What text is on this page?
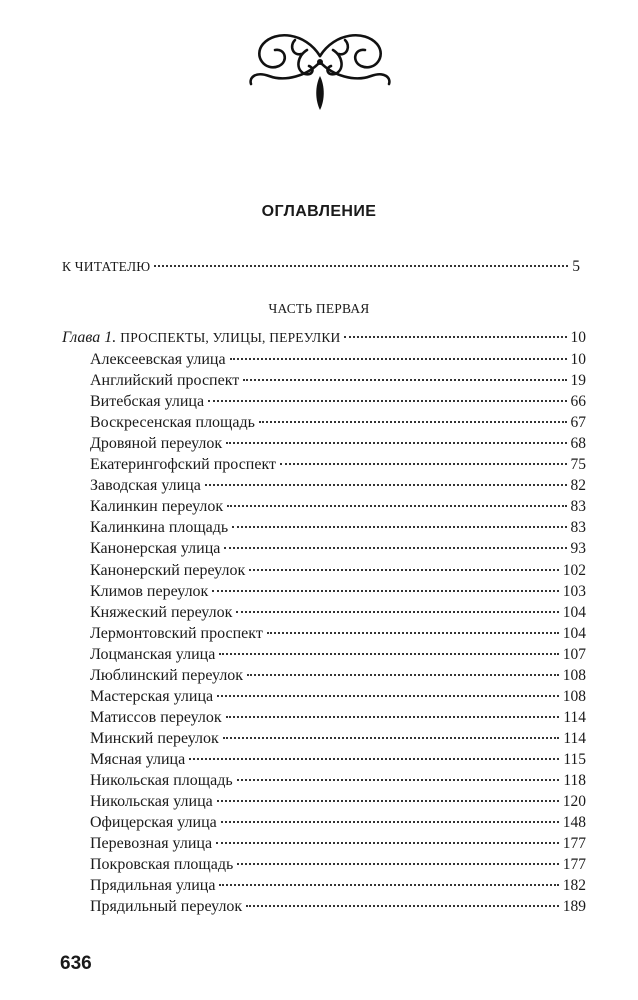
ОГЛАВЛЕНИЕ
К ЧИТАТЕЛЮ	5
ЧАСТЬ ПЕРВАЯ
Глава 1. ПРОСПЕКТЫ, УЛИЦЫ, ПЕРЕУЛКИ	10
Алексеевская улица	10
Английский проспект	19
Витебская улица	66
Воскресенская площадь	67
Дровяной переулок	68
Екатерингофский проспект	75
Заводская улица	82
Калинкин переулок	83
Калинкина площадь	83
Канонерская улица	93
Канонерский переулок	102
Климов переулок	103
Княжеский переулок	104
Лермонтовский проспект	104
Лоцманская улица	107
Люблинский переулок	108
Мастерская улица	108
Матиссов переулок	114
Минский переулок	114
Мясная улица	115
Никольская площадь	118
Никольская улица	120
Офицерская улица	148
Перевозная улица	177
Покровская площадь	177
Прядильная улица	182
Прядильный переулок	189
636
